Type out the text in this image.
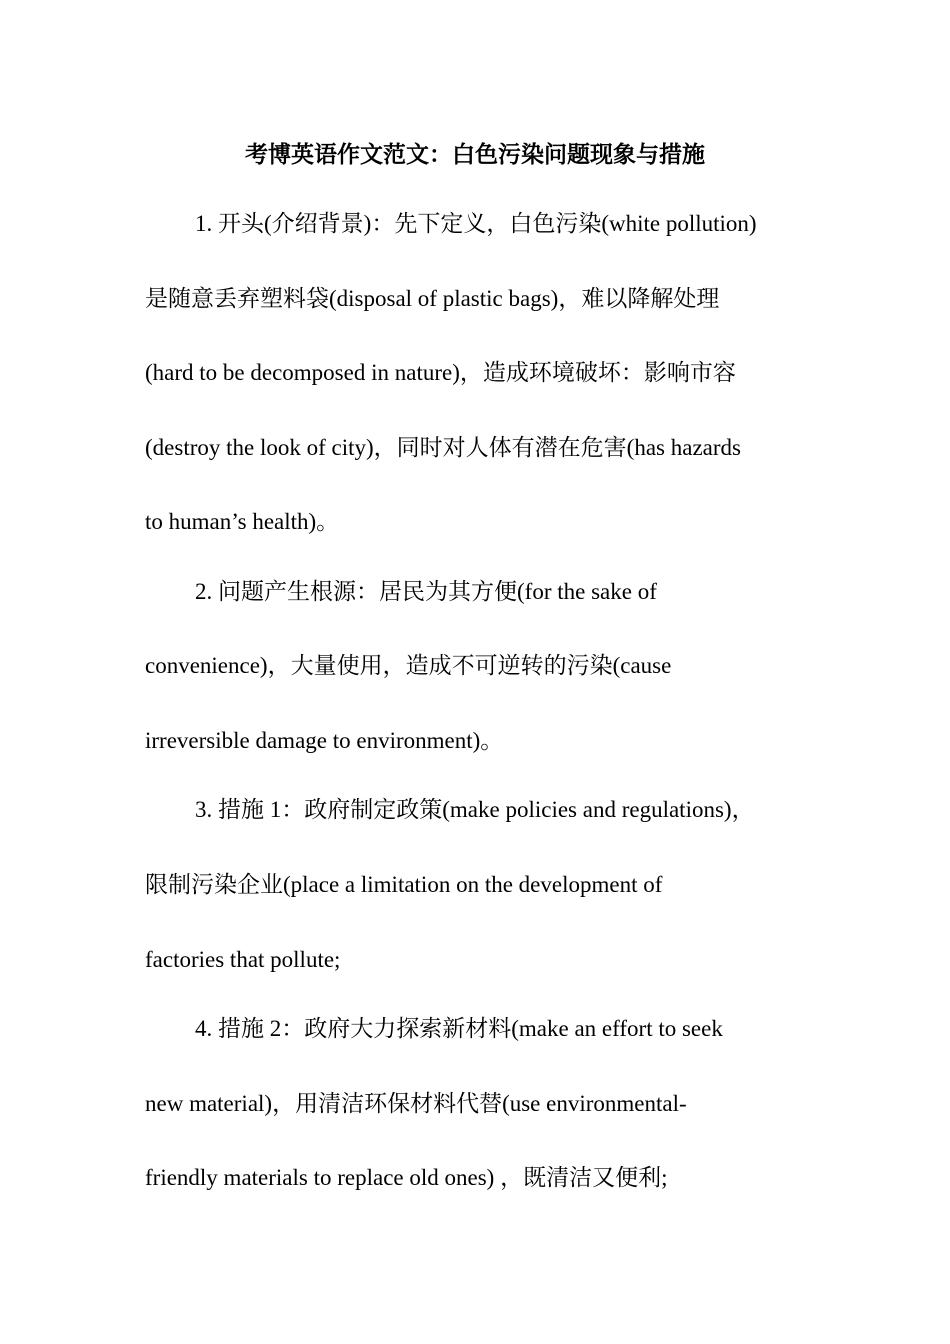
考博英语作文范文：白色污染问题现象与措施
1. 开头(介绍背景)：先下定义，白色污染(white pollution)
是随意丢弃塑料袋(disposal of plastic bags)，难以降解处理
(hard to be decomposed in nature)，造成环境破坏：影响市容
(destroy the look of city)，同时对人体有潜在危害(has hazards
to human’s health)。
2. 问题产生根源：居民为其方便(for the sake of
convenience)，大量使用，造成不可逆转的污染(cause
irreversible damage to environment)。
3. 措施 1：政府制定政策(make policies and regulations)，
限制污染企业(place a limitation on the development of
factories that pollute;
4. 措施 2：政府大力探索新材料(make an effort to seek
new material)，用清洁环保材料代替(use environmental-
friendly materials to replace old ones) ，既清洁又便利;
